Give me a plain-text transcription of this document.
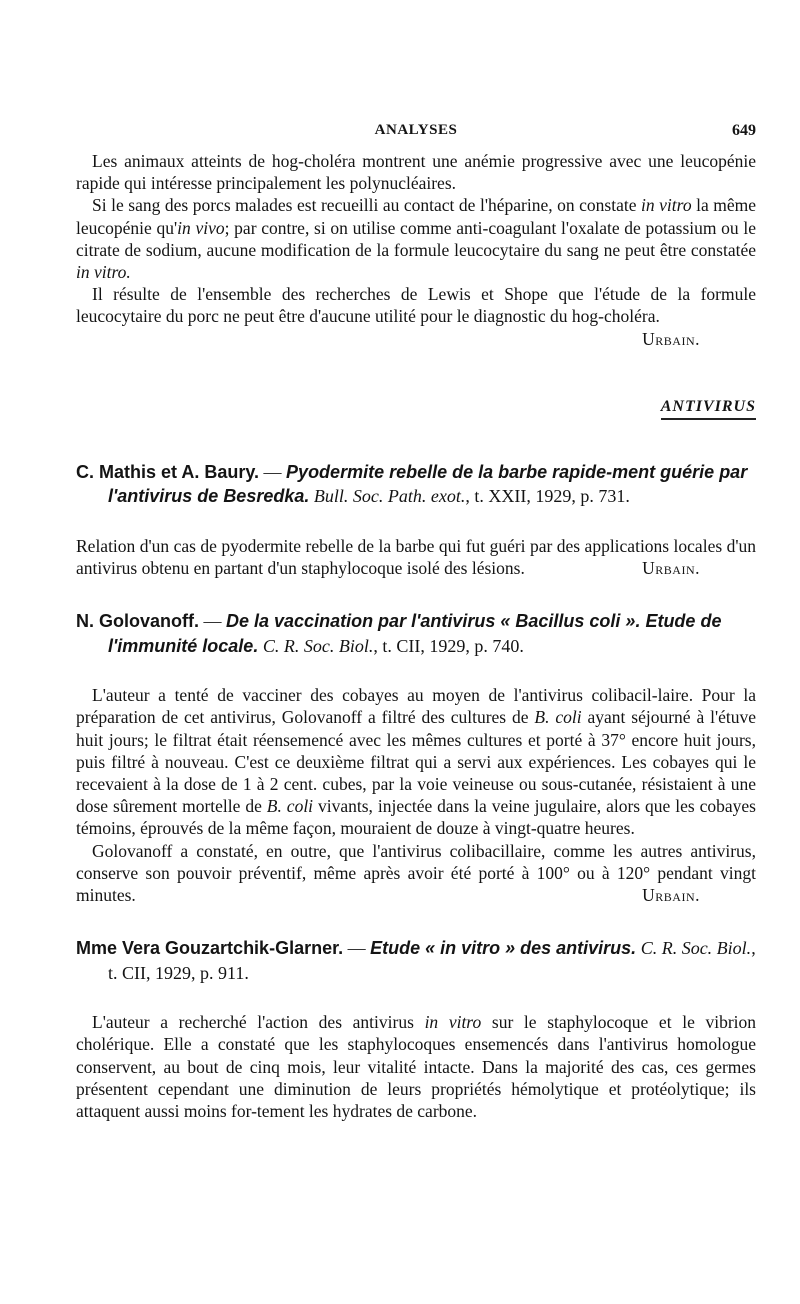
ANALYSES	649

Les animaux atteints de hog-choléra montrent une anémie progressive avec une leucopénie rapide qui intéresse principalement les polynucléaires.

Si le sang des porcs malades est recueilli au contact de l'héparine, on constate in vitro la même leucopénie qu'in vivo; par contre, si on utilise comme anti-coagulant l'oxalate de potassium ou le citrate de sodium, aucune modification de la formule leucocytaire du sang ne peut être constatée in vitro.

Il résulte de l'ensemble des recherches de Lewis et Shope que l'étude de la formule leucocytaire du porc ne peut être d'aucune utilité pour le diagnostic du hog-choléra.
Urbain.

ANTIVIRUS
C. Mathis et A. Baury. — Pyodermite rebelle de la barbe rapide-ment guérie par l'antivirus de Besredka. Bull. Soc. Path. exot., t. XXII, 1929, p. 731.

Relation d'un cas de pyodermite rebelle de la barbe qui fut guéri par des applications locales d'un antivirus obtenu en partant d'un staphylocoque isolé des lésions.	Urbain.

N. Golovanoff. — De la vaccination par l'antivirus « Bacillus coli ». Etude de l'immunité locale. C. R. Soc. Biol., t. CII, 1929, p. 740.

L'auteur a tenté de vacciner des cobayes au moyen de l'antivirus colibacil-laire. Pour la préparation de cet antivirus, Golovanoff a filtré des cultures de B. coli ayant séjourné à l'étuve huit jours; le filtrat était réensemencé avec les mêmes cultures et porté à 37° encore huit jours, puis filtré à nouveau. C'est ce deuxième filtrat qui a servi aux expériences. Les cobayes qui le recevaient à la dose de 1 à 2 cent. cubes, par la voie veineuse ou sous-cutanée, résistaient à une dose sûrement mortelle de B. coli vivants, injectée dans la veine jugulaire, alors que les cobayes témoins, éprouvés de la même façon, mouraient de douze à vingt-quatre heures.

Golovanoff a constaté, en outre, que l'antivirus colibacillaire, comme les autres antivirus, conserve son pouvoir préventif, même après avoir été porté à 100° ou à 120° pendant vingt minutes.	Urbain.

Mme Vera Gouzartchik-Glarner. — Etude « in vitro » des antivirus. C. R. Soc. Biol., t. CII, 1929, p. 911.

L'auteur a recherché l'action des antivirus in vitro sur le staphylocoque et le vibrion cholérique. Elle a constaté que les staphylocoques ensemencés dans l'antivirus homologue conservent, au bout de cinq mois, leur vitalité intacte. Dans la majorité des cas, ces germes présentent cependant une diminution de leurs propriétés hémolytique et protéolytique; ils attaquent aussi moins for-tement les hydrates de carbone.
